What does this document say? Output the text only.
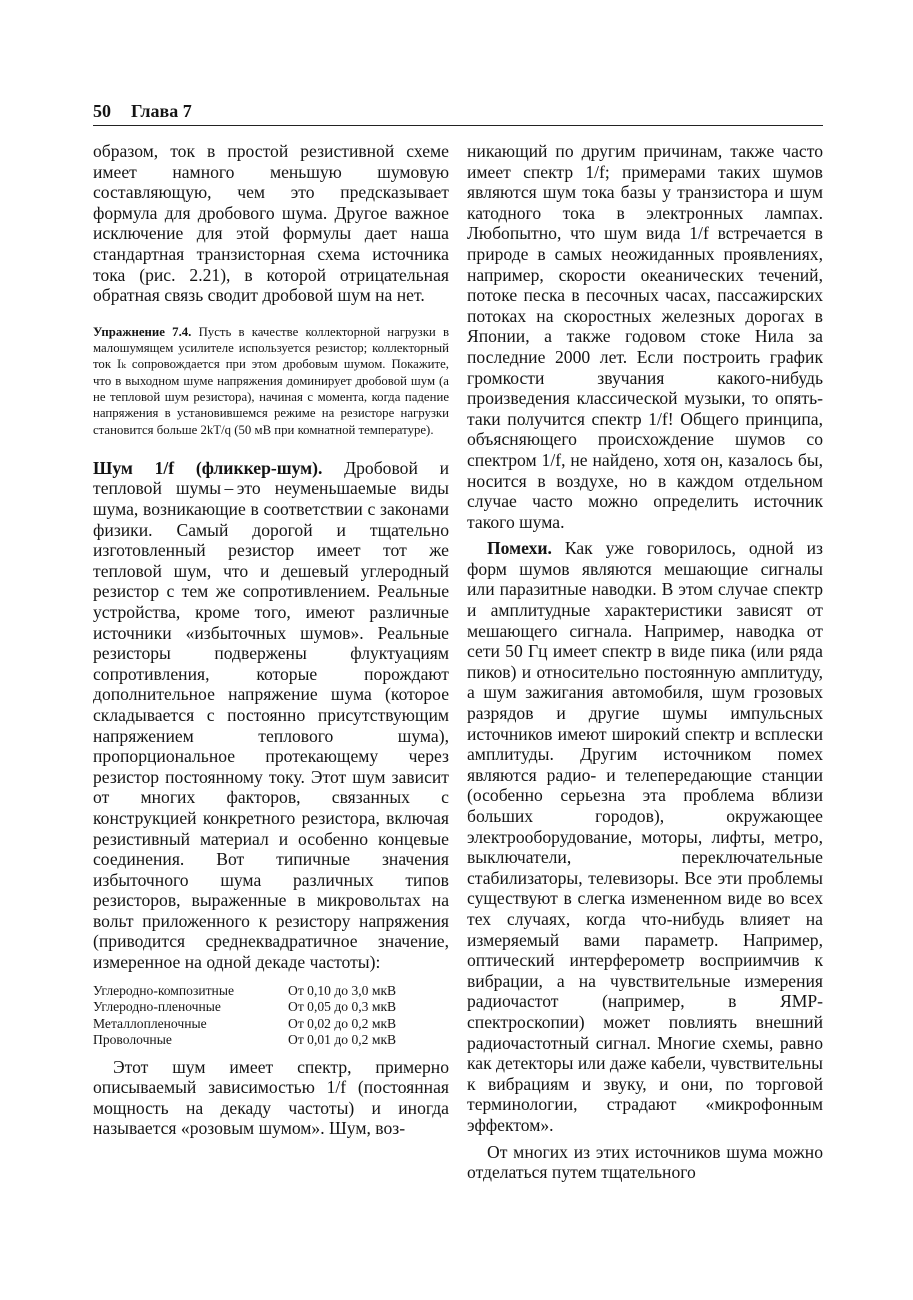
50 Глава 7

образом, ток в простой резистивной схеме имеет намного меньшую шумовую составляющую, чем это предсказывает формула для дробового шума. Другое важное исключение для этой формулы дает наша стандартная транзисторная схема источника тока (рис. 2.21), в которой отрицательная обратная связь сводит дробовой шум на нет.

Упражнение 7.4. Пусть в качестве коллекторной нагрузки в малошумящем усилителе используется резистор; коллекторный ток Iₖ сопровождается при этом дробовым шумом. Покажите, что в выходном шуме напряжения доминирует дробовой шум (а не тепловой шум резистора), начиная с момента, когда падение напряжения в установившемся режиме на резисторе нагрузки становится больше 2kT/q (50 мВ при комнатной температуре).

Шум 1/f (фликкер-шум). Дробовой и тепловой шумы – это неуменьшаемые виды шума, возникающие в соответствии с законами физики. Самый дорогой и тщательно изготовленный резистор имеет тот же тепловой шум, что и дешевый углеродный резистор с тем же сопротивлением. Реальные устройства, кроме того, имеют различные источники «избыточных шумов». Реальные резисторы подвержены флуктуациям сопротивления, которые порождают дополнительное напряжение шума (которое складывается с постоянно присутствующим напряжением теплового шума), пропорциональное протекающему через резистор постоянному току. Этот шум зависит от многих факторов, связанных с конструкцией конкретного резистора, включая резистивный материал и особенно концевые соединения. Вот типичные значения избыточного шума различных типов резисторов, выраженные в микровольтах на вольт приложенного к резистору напряжения (приводится среднеквадратичное значение, измеренное на одной декаде частоты):

Углеродно-композитные	От 0,10 до 3,0 мкВ
Углеродно-пленочные	От 0,05 до 0,3 мкВ
Металлопленочные	От 0,02 до 0,2 мкВ
Проволочные	От 0,01 до 0,2 мкВ

Этот шум имеет спектр, примерно описываемый зависимостью 1/f (постоянная мощность на декаду частоты) и иногда называется «розовым шумом». Шум, воз-

никающий по другим причинам, также часто имеет спектр 1/f; примерами таких шумов являются шум тока базы у транзистора и шум катодного тока в электронных лампах. Любопытно, что шум вида 1/f встречается в природе в самых неожиданных проявлениях, например, скорости океанических течений, потоке песка в песочных часах, пассажирских потоках на скоростных железных дорогах в Японии, а также годовом стоке Нила за последние 2000 лет. Если построить график громкости звучания какого-нибудь произведения классической музыки, то опять-таки получится спектр 1/f! Общего принципа, объясняющего происхождение шумов со спектром 1/f, не найдено, хотя он, казалось бы, носится в воздухе, но в каждом отдельном случае часто можно определить источник такого шума.

Помехи. Как уже говорилось, одной из форм шумов являются мешающие сигналы или паразитные наводки. В этом случае спектр и амплитудные характеристики зависят от мешающего сигнала. Например, наводка от сети 50 Гц имеет спектр в виде пика (или ряда пиков) и относительно постоянную амплитуду, а шум зажигания автомобиля, шум грозовых разрядов и другие шумы импульсных источников имеют широкий спектр и всплески амплитуды. Другим источником помех являются радио- и телепередающие станции (особенно серьезна эта проблема вблизи больших городов), окружающее электрооборудование, моторы, лифты, метро, выключатели, переключательные стабилизаторы, телевизоры. Все эти проблемы существуют в слегка измененном виде во всех тех случаях, когда что-нибудь влияет на измеряемый вами параметр. Например, оптический интерферометр восприимчив к вибрации, а на чувствительные измерения радиочастот (например, в ЯМР-спектроскопии) может повлиять внешний радиочастотный сигнал. Многие схемы, равно как детекторы или даже кабели, чувствительны к вибрациям и звуку, и они, по торговой терминологии, страдают «микрофонным эффектом».

От многих из этих источников шума можно отделаться путем тщательного
